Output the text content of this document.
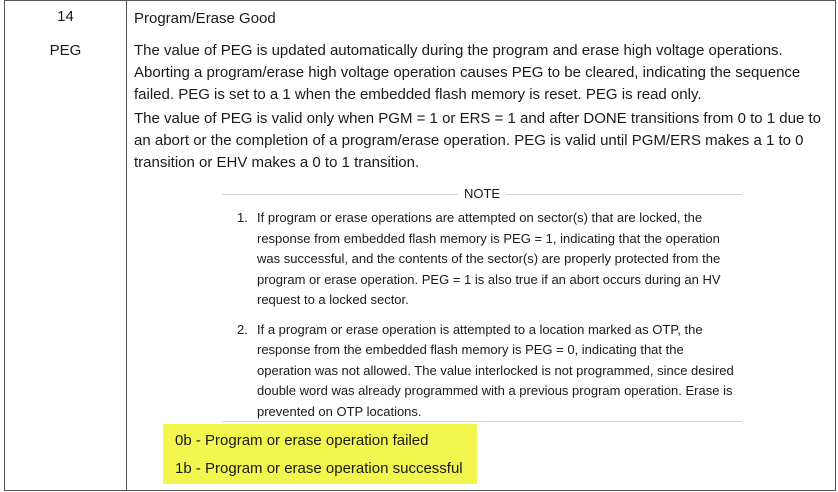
14
PEG
Program/Erase Good
The value of PEG is updated automatically during the program and erase high voltage operations. Aborting a program/erase high voltage operation causes PEG to be cleared, indicating the sequence failed. PEG is set to a 1 when the embedded flash memory is reset. PEG is read only.
The value of PEG is valid only when PGM = 1 or ERS = 1 and after DONE transitions from 0 to 1 due to an abort or the completion of a program/erase operation. PEG is valid until PGM/ERS makes a 1 to 0 transition or EHV makes a 0 to 1 transition.
NOTE
1. If program or erase operations are attempted on sector(s) that are locked, the response from embedded flash memory is PEG = 1, indicating that the operation was successful, and the contents of the sector(s) are properly protected from the program or erase operation. PEG = 1 is also true if an abort occurs during an HV request to a locked sector.
2. If a program or erase operation is attempted to a location marked as OTP, the response from the embedded flash memory is PEG = 0, indicating that the operation was not allowed. The value interlocked is not programmed, since desired double word was already programmed with a previous program operation. Erase is prevented on OTP locations.
0b - Program or erase operation failed
1b - Program or erase operation successful
